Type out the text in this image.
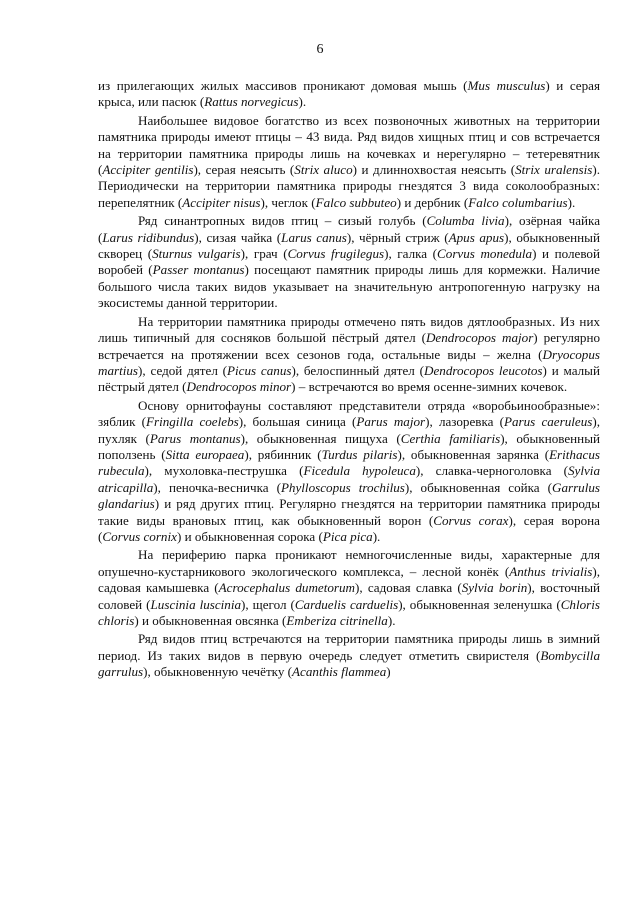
6

из прилегающих жилых массивов проникают домовая мышь (Mus musculus) и серая крыса, или пасюк (Rattus norvegicus).

Наибольшее видовое богатство из всех позвоночных животных на территории памятника природы имеют птицы – 43 вида. Ряд видов хищных птиц и сов встречается на территории памятника природы лишь на кочевках и нерегулярно – тетеревятник (Accipiter gentilis), серая неясыть (Strix aluco) и длиннохвостая неясыть (Strix uralensis). Периодически на территории памятника природы гнездятся 3 вида соколообразных: перепелятник (Accipiter nisus), чеглок (Falco subbuteo) и дербник (Falco columbarius).

Ряд синантропных видов птиц – сизый голубь (Columba livia), озёрная чайка (Larus ridibundus), сизая чайка (Larus canus), чёрный стриж (Apus apus), обыкновенный скворец (Sturnus vulgaris), грач (Corvus frugilegus), галка (Corvus monedula) и полевой воробей (Passer montanus) посещают памятник природы лишь для кормежки. Наличие большого числа таких видов указывает на значительную антропогенную нагрузку на экосистемы данной территории.

На территории памятника природы отмечено пять видов дятлообразных. Из них лишь типичный для сосняков большой пёстрый дятел (Dendrocopos major) регулярно встречается на протяжении всех сезонов года, остальные виды – желна (Dryocopus martius), седой дятел (Picus canus), белоспинный дятел (Dendrocopos leucotos) и малый пёстрый дятел (Dendrocopos minor) – встречаются во время осенне-зимних кочевок.

Основу орнитофауны составляют представители отряда «воробьинообразные»: зяблик (Fringilla coelebs), большая синица (Parus major), лазоревка (Parus caeruleus), пухляк (Parus montanus), обыкновенная пищуха (Certhia familiaris), обыкновенный поползень (Sitta europaea), рябинник (Turdus pilaris), обыкновенная зарянка (Erithacus rubecula), мухоловка-пеструшка (Ficedula hypoleuca), славка-черноголовка (Sylvia atricapilla), пеночка-весничка (Phylloscopus trochilus), обыкновенная сойка (Garrulus glandarius) и ряд других птиц. Регулярно гнездятся на территории памятника природы такие виды врановых птиц, как обыкновенный ворон (Corvus corax), серая ворона (Corvus cornix) и обыкновенная сорока (Pica pica).

На периферию парка проникают немногочисленные виды, характерные для опушечно-кустарникового экологического комплекса, – лесной конёк (Anthus trivialis), садовая камышевка (Acrocephalus dumetorum), садовая славка (Sylvia borin), восточный соловей (Luscinia luscinia), щегол (Carduelis carduelis), обыкновенная зеленушка (Chloris chloris) и обыкновенная овсянка (Emberiza citrinella).

Ряд видов птиц встречаются на территории памятника природы лишь в зимний период. Из таких видов в первую очередь следует отметить свиристеля (Bombycilla garrulus), обыкновенную чечётку (Acanthis flammea)
